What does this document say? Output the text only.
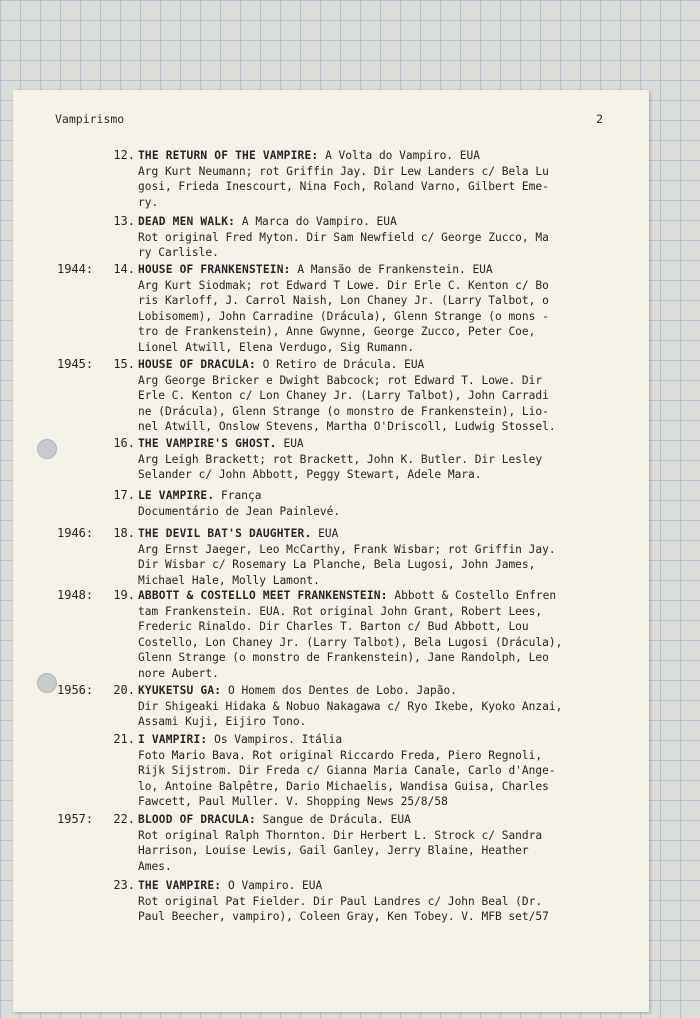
Vampirismo	2
12. THE RETURN OF THE VAMPIRE: A Volta do Vampiro. EUA
Arg Kurt Neumann; rot Griffin Jay. Dir Lew Landers c/ Bela Lu
gosi, Frieda Inescourt, Nina Foch, Roland Varno, Gilbert Eme-
ry.
13. DEAD MEN WALK: A Marca do Vampiro. EUA
Rot original Fred Myton. Dir Sam Newfield c/ George Zucco, Ma
ry Carlisle.
1944:	14. HOUSE OF FRANKENSTEIN: A Mansão de Frankenstein. EUA
Arg Kurt Siodmak; rot Edward T Lowe. Dir Erle C. Kenton c/ Bo
ris Karloff, J. Carrol Naish, Lon Chaney Jr. (Larry Talbot, o
Lobisomem), John Carradine (Drácula), Glenn Strange (o mons -
tro de Frankenstein), Anne Gwynne, George Zucco, Peter Coe,
Lionel Atwill, Elena Verdugo, Sig Rumann.
1945:	15. HOUSE OF DRACULA: O Retiro de Drácula. EUA
Arg George Bricker e Dwight Babcock; rot Edward T. Lowe. Dir
Erle C. Kenton c/ Lon Chaney Jr. (Larry Talbot), John Carradi
ne (Drácula), Glenn Strange (o monstro de Frankenstein), Lio-
nel Atwill, Onslow Stevens, Martha O'Driscoll, Ludwig Stossel.
16. THE VAMPIRE'S GHOST. EUA
Arg Leigh Brackett; rot Brackett, John K. Butler. Dir Lesley
Selander c/ John Abbott, Peggy Stewart, Adele Mara.
17. LE VAMPIRE. França
Documentário de Jean Painlevé.
1946:	18. THE DEVIL BAT'S DAUGHTER. EUA
Arg Ernst Jaeger, Leo McCarthy, Frank Wisbar; rot Griffin Jay.
Dir Wisbar c/ Rosemary La Planche, Bela Lugosi, John James,
Michael Hale, Molly Lamont.
1948:	19. ABBOTT & COSTELLO MEET FRANKENSTEIN: Abbott & Costello Enfren
tam Frankenstein. EUA. Rot original John Grant, Robert Lees,
Frederic Rinaldo. Dir Charles T. Barton c/ Bud Abbott, Lou
Costello, Lon Chaney Jr. (Larry Talbot), Bela Lugosi (Drácula),
Glenn Strange (o monstro de Frankenstein), Jane Randolph, Leo
nore Aubert.
1956:	20. KYUKETSU GA: O Homem dos Dentes de Lobo. Japão.
Dir Shigeaki Hidaka & Nobuo Nakagawa c/ Ryo Ikebe, Kyoko Anzai,
Assami Kuji, Eijiro Tono.
21. I VAMPIRI: Os Vampiros. Itália
Foto Mario Bava. Rot original Riccardo Freda, Piero Regnoli,
Rijk Sijstrom. Dir Freda c/ Gianna Maria Canale, Carlo d'Ange-
lo, Antoine Balpêtre, Dario Michaelis, Wandisa Guisa, Charles
Fawcett, Paul Muller. V. Shopping News 25/8/58
1957:	22. BLOOD OF DRACULA: Sangue de Drácula. EUA
Rot original Ralph Thornton. Dir Herbert L. Strock c/ Sandra
Harrison, Louise Lewis, Gail Ganley, Jerry Blaine, Heather
Ames.
23. THE VAMPIRE: O Vampiro. EUA
Rot original Pat Fielder. Dir Paul Landres c/ John Beal (Dr.
Paul Beecher, vampiro), Coleen Gray, Ken Tobey. V. MFB set/57
